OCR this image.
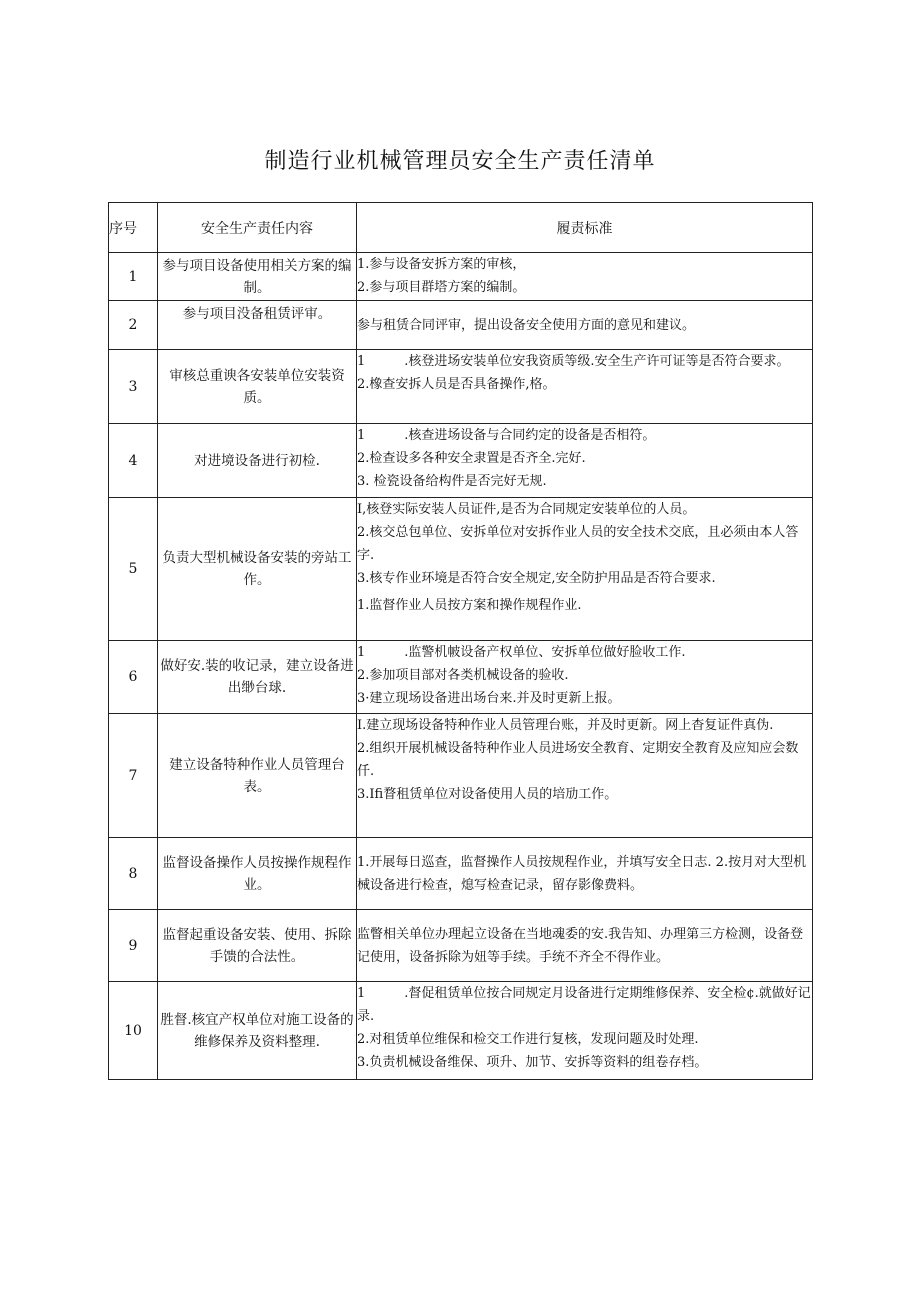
制造行业机械管理员安全生产责任清单
序号	安全生产责任内容	履责标准
1	参与项目设备使用相关方案的编制。	1.参与设备安拆方案的审核，
2.参与项目群塔方案的编制。

2	参与项目没备租赁评审。	参与租赁合同评审，提出设备安全使用方面的意见和建议。

3	审核总重谀各安装单位安装资质。	1　　　.核登进场安装单位安我资质等级.安全生产许可证等是否符合要求。
2.橡查安拆人员是否具备操作,格。

4	对进境设备进行初检.	1　　　.核查进场设备与合同约定的设备是否相符。
2.检查设多各种安全隶置是否齐全.完好.
3. 检瓷设备给构件是否完好无规.

5	负责大型机械设备安装的旁站工作。	I,核登实际安装人员证件,是否为合同规定安装单位的人员。
2.核交总包单位、安拆单位对安拆作业人员的安全技术交底，且必须由本人答字.
3.核专作业环境是否符合安全规定,安全防护用品是否符合要求.
1.监督作业人员按方案和操作规程作业.

6	做好安.装的收记录，建立设备进出缈台球.	1　　　.监警机帔设备产权单位、安拆单位做好脸收工作.
2.参加项目部对各类机械设备的验收.
3·建立现场设备进出场台来.并及时更新上报。

7	建立设备特种作业人员管理台表。	I.建立现场设备特种作业人员管理台账，并及时更新。网上杳复证件真伪.
2.组织开展机械设备特种作业人员进场安全教育、定期安全教育及应知应会数仟.
3.Ifi瞀租赁单位对设备使用人员的培劢工作。

8	监督设备操作人员按操作规程作业。	1.开展每日巡查，监督操作人员按规程作业，并填写安全日志. 2.按月对大型机械设备进行检查，熄写检查记录，留存影像费料。

9	监督起重设备安装、使用、拆除手馈的合法性。	监瞥相关单位办理起立设备在当地魂委的安.我告知、办理第三方检测，设备登记使用，设备拆除为妞等手续。手统不齐全不得作业。

10	胜督.核宜产权单位对施工设备的维修保养及资料整理.	1　　　.督促租赁单位按合同规定月设备进行定期维修保养、安全检¢.就做好记录.
2.对租赁单位维保和检交工作进行复核，发现问题及时处理.
3.负责机械设备维保、项升、加节、安拆等资料的组卷存档。
